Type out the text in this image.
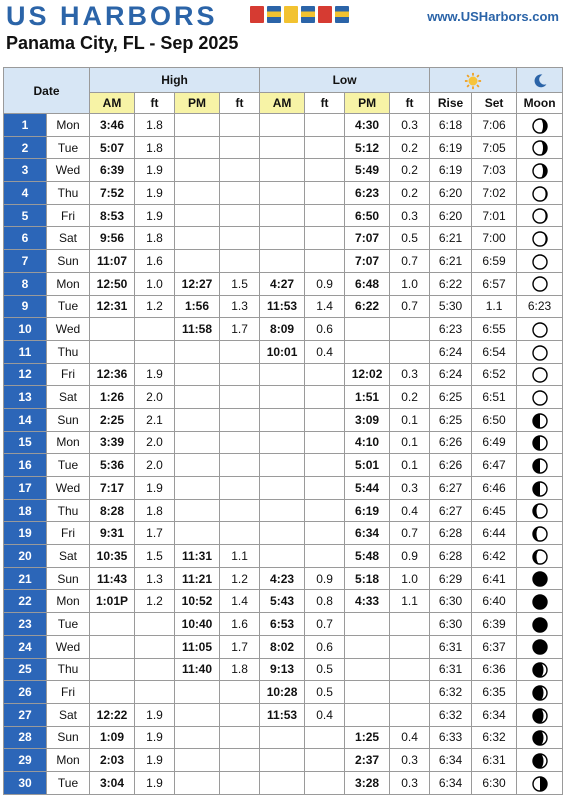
US HARBORS	www.USHarbors.com
Panama City, FL - Sep 2025
Date		High				Low		
		AM	ft	PM	ft	AM	ft	PM	ft	Rise	Set	Moon
1	Mon	3:46	1.8					4:30	0.3	6:18	7:06	
2	Tue	5:07	1.8					5:12	0.2	6:19	7:05	
3	Wed	6:39	1.9					5:49	0.2	6:19	7:03	
4	Thu	7:52	1.9					6:23	0.2	6:20	7:02	
5	Fri	8:53	1.9					6:50	0.3	6:20	7:01	
6	Sat	9:56	1.8					7:07	0.5	6:21	7:00	
7	Sun	11:07	1.6					7:07	0.7	6:21	6:59	
8	Mon	12:50	1.0	12:27	1.5	4:27	0.9	6:48	1.0	6:22	6:57	
9	Tue	12:31	1.2	1:56	1.3	11:53	1.4	6:22	0.7	5:30	1.1	6:23
10	Wed			11:58	1.7	8:09	0.6			6:23	6:55	
11	Thu					10:01	0.4			6:24	6:54	
12	Fri	12:36	1.9					12:02	0.3	6:24	6:52	
13	Sat	1:26	2.0					1:51	0.2	6:25	6:51	
14	Sun	2:25	2.1					3:09	0.1	6:25	6:50	
15	Mon	3:39	2.0					4:10	0.1	6:26	6:49	
16	Tue	5:36	2.0					5:01	0.1	6:26	6:47	
17	Wed	7:17	1.9					5:44	0.3	6:27	6:46	
18	Thu	8:28	1.8					6:19	0.4	6:27	6:45	
19	Fri	9:31	1.7					6:34	0.7	6:28	6:44	
20	Sat	10:35	1.5	11:31	1.1			5:48	0.9	6:28	6:42	
21	Sun	11:43	1.3	11:21	1.2	4:23	0.9	5:18	1.0	6:29	6:41	
22	Mon	1:01P	1.2	10:52	1.4	5:43	0.8	4:33	1.1	6:30	6:40	
23	Tue			10:40	1.6	6:53	0.7			6:30	6:39	
24	Wed			11:05	1.7	8:02	0.6			6:31	6:37	
25	Thu			11:40	1.8	9:13	0.5			6:31	6:36	
26	Fri					10:28	0.5			6:32	6:35	
27	Sat	12:22	1.9			11:53	0.4			6:32	6:34	
28	Sun	1:09	1.9					1:25	0.4	6:33	6:32	
29	Mon	2:03	1.9					2:37	0.3	6:34	6:31	
30	Tue	3:04	1.9					3:28	0.3	6:34	6:30	
